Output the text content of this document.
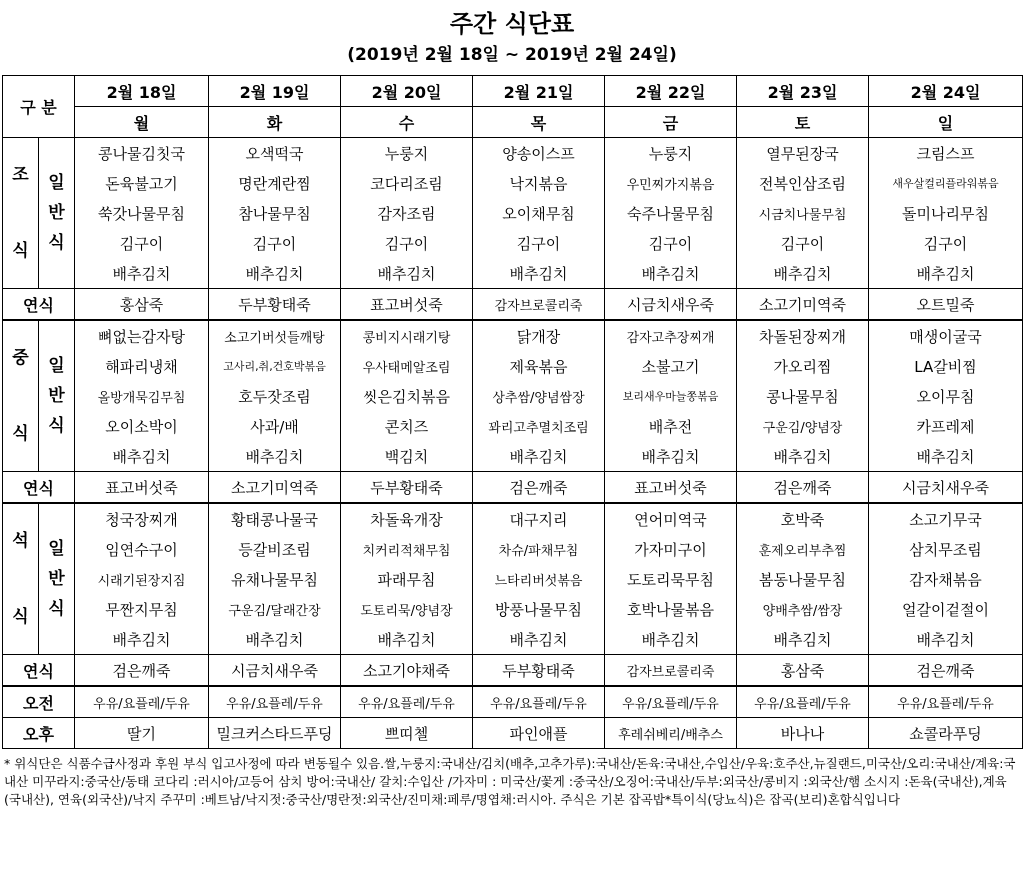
주간 식단표
(2019년 2월 18일 ~ 2019년 2월 24일)
구 분		2월 18일	2월 19일	2월 20일	2월 21일	2월 22일	2월 23일	2월 24일
		월	화	수	목	금	토	일
조

식	일
반
식	콩나물김칫국	오색떡국	누룽지	양송이스프	누룽지	열무된장국	크림스프
		돈육불고기	명란계란찜	코다리조림	낙지볶음	우민찌가지볶음	전복인삼조림	새우살컬리플라워볶음
		쑥갓나물무침	참나물무침	감자조림	오이채무침	숙주나물무침	시금치나물무침	돌미나리무침
		김구이	김구이	김구이	김구이	김구이	김구이	김구이
		배추김치	배추김치	배추김치	배추김치	배추김치	배추김치	배추김치
연식		홍삼죽	두부황태죽	표고버섯죽	감자브로콜리죽	시금치새우죽	소고기미역죽	오트밀죽
중

식	일
반
식	뼈없는감자탕	소고기버섯들깨탕	콩비지시래기탕	닭개장	감자고추장찌개	차돌된장찌개	매생이굴국
		해파리냉채	고사리,취,건호박볶음	우사태메알조림	제육볶음	소불고기	가오리찜	LA갈비찜
		올방개묵김무침	호두잣조림	씻은김치볶음	상추쌈/양념쌈장	보리새우마늘쫑볶음	콩나물무침	오이무침
		오이소박이	사과/배	콘치즈	꽈리고추멸치조림	배추전	구운김/양념장	카프레제
		배추김치	배추김치	백김치	배추김치	배추김치	배추김치	배추김치
연식		표고버섯죽	소고기미역죽	두부황태죽	검은깨죽	표고버섯죽	검은깨죽	시금치새우죽
석

식	일
반
식	청국장찌개	황태콩나물국	차돌육개장	대구지리	연어미역국	호박죽	소고기무국
		임연수구이	등갈비조림	치커리적채무침	차슈/파채무침	가자미구이	훈제오리부추찜	삼치무조림
		시래기된장지짐	유채나물무침	파래무침	느타리버섯볶음	도토리묵무침	봄동나물무침	감자채볶음
		무짠지무침	구운김/달래간장	도토리묵/양념장	방풍나물무침	호박나물볶음	양배추쌈/쌈장	얼갈이겉절이
		배추김치	배추김치	배추김치	배추김치	배추김치	배추김치	배추김치
연식		검은깨죽	시금치새우죽	소고기야채죽	두부황태죽	감자브로콜리죽	홍삼죽	검은깨죽
오전		우유/요플레/두유	우유/요플레/두유	우유/요플레/두유	우유/요플레/두유	우유/요플레/두유	우유/요플레/두유	우유/요플레/두유
오후		딸기	밀크커스타드푸딩	쁘띠첼	파인애플	후레쉬베리/배추스	바나나	쇼콜라푸딩
* 위식단은 식품수급사정과 후원 부식 입고사정에 따라 변동될수 있음.쌀,누룽지:국내산/김치(배추,고추가루):국내산/돈육:국내산,수입산/우육:호주산,뉴질랜드,미국산/오리:국내산/계육:국내산 미꾸라지:중국산/동태 코다리 :러시아/고등어 삼치 방어:국내산/ 갈치:수입산 /가자미 : 미국산/꽃게 :중국산/오징어:국내산/두부:외국산/콩비지 :외국산/햄 소시지 :돈육(국내산),계육(국내산), 연육(외국산)/낙지 주꾸미 :베트남/낙지젓:중국산/명란젓:외국산/진미채:페루/명엽채:러시아. 주식은 기본 잡곡밥*특이식(당뇨식)은 잡곡(보리)혼합식입니다
